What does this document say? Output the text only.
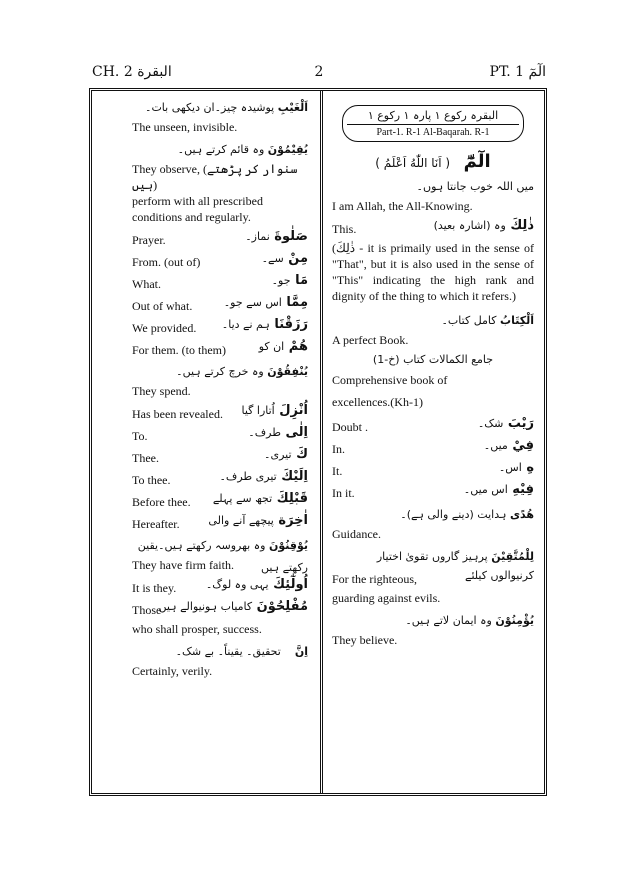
CH. 2 البقرة	2	PT. 1 الٓمٓ
اَلْغَيْبِ پوشیدہ چیز۔ان دیکھی بات۔
The unseen, invisible.
يُقِيْمُوْنَ وہ قائم کرتے ہیں۔
They observe, (سنوار کر پڑھتے ہیں)
perform with all prescribed
conditions and regularly.
Prayer.	صَلٰوةَ نماز۔
From. (out of)	مِنْ سے۔
What.	مَا جو۔
Out of what.	مِمَّا اس سے جو۔
We provided.	رَزَقْنَا ہم نے دیا۔
For them. (to them)	هُمْ ان کو
يُنْفِقُوْنَ وہ خرچ کرتے ہیں۔
They spend.
Has been revealed.	اُنْزِلَ اُتارا گیا
To.	اِلٰى طرف۔
Thee.	كَ تیری۔
To thee.	اِلَيْكَ تیری طرف۔
Before thee.	قَبْلِكَ تجھ سے پہلے
Hereafter.	اٰخِرَة پیچھے آنے والی
يُوْقِنُوْنَ وہ بھروسہ رکھتے ہیں۔یقین رکھتے ہیں
They have firm faith.
It is they.	اُولٰٓئِكَ یہی وہ لوگ۔
Those	مُفْلِحُوْنَ کامیاب ہونیوالے ہیں
who shall prosper, success.
اِنَّ    تحقیق۔ یقیناً۔ بے شک۔
Certainly, verily.
البقرہ رکوع ۱ پارہ ۱ رکوع ۱
Part-1. R-1 Al-Baqarah. R-1
الٓمّٓ   ( اَنَا اللّٰهُ اَعْلَمُ )
میں اللہ خوب جانتا ہوں۔
I am Allah, the All-Knowing.
This.	ذٰلِكَ وہ (اشارہ بعید)
(ذٰلِكَ - it is primaily used in the sense of "That", but it is also used in the sense of "This" indicating the high rank and dignity of the thing to which it refers.)
اَلْكِتَابُ کامل کتاب۔
A perfect Book.
جامع الکمالات کتاب (خ-1)
Comprehensive book of
excellences.(Kh-1)
Doubt .	رَيْبَ شک۔
In.	فِيْ میں۔
It.	هِ اس۔
In it.	فِيْهِ اس میں۔
هُدًى ہدایت (دینے والی ہے)۔
Guidance.
لِلْمُتَّقِيْنَ پرہیز گاروں تقویٰ اختیار
For the righteous,	کرنیوالوں کیلئے
guarding against evils.
يُؤْمِنُوْنَ وہ ایمان لاتے ہیں۔
They believe.
